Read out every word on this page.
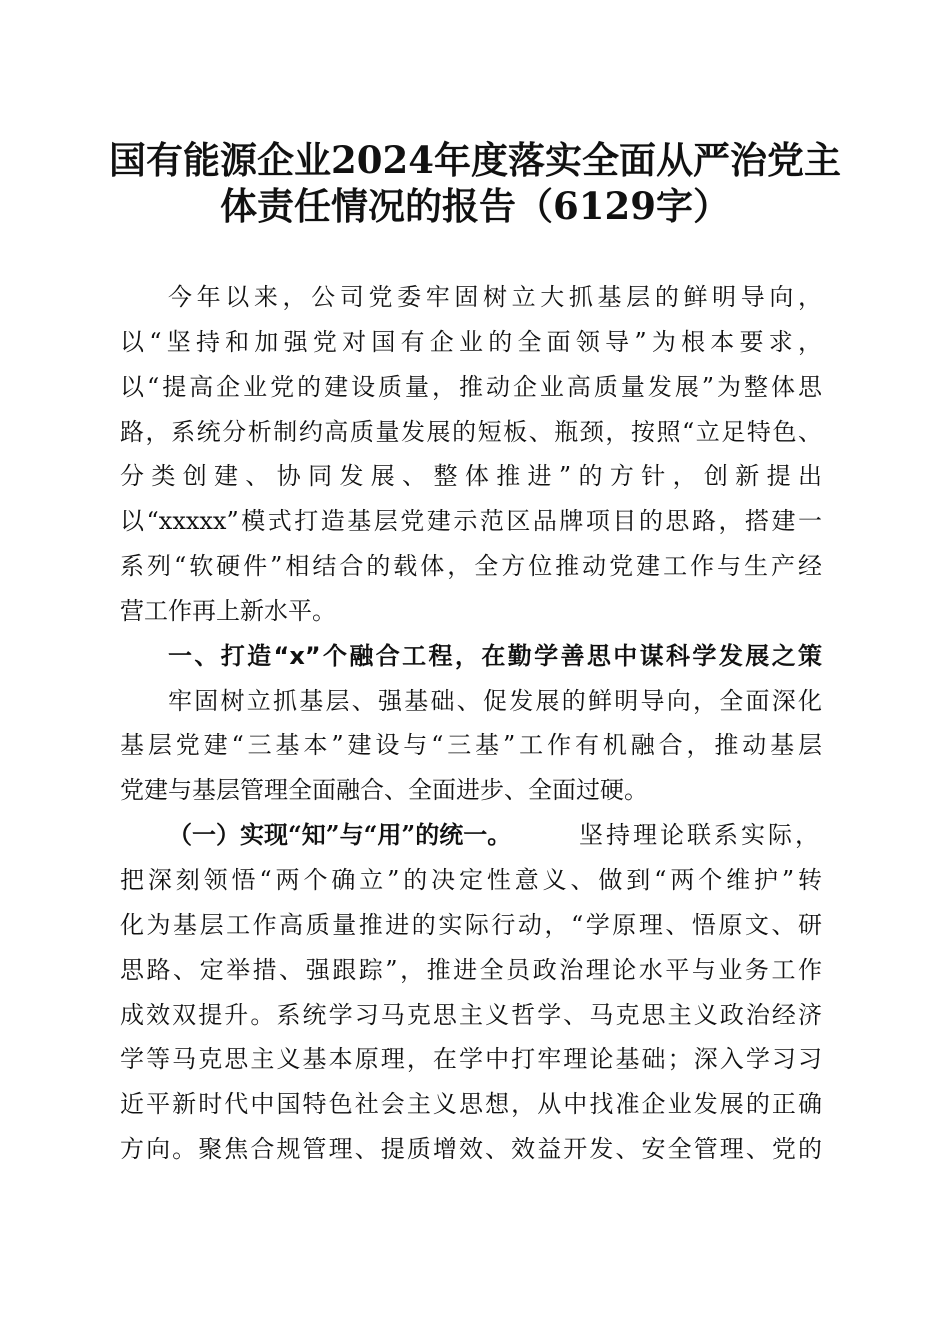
国有能源企业2024年度落实全面从严治党主
体责任情况的报告（6129字）
今年以来，公司党委牢固树立大抓基层的鲜明导向，
以“坚持和加强党对国有企业的全面领导”为根本要求，
以“提高企业党的建设质量，推动企业高质量发展”为整体思
路，系统分析制约高质量发展的短板、瓶颈，按照“立足特色、
分类创建、协同发展、整体推进”的方针，创新提出
以“xxxxx”模式打造基层党建示范区品牌项目的思路，搭建一
系列“软硬件”相结合的载体，全方位推动党建工作与生产经
营工作再上新水平。
一、打造“x”个融合工程，在勤学善思中谋科学发展之策
牢固树立抓基层、强基础、促发展的鲜明导向，全面深化
基层党建“三基本”建设与“三基”工作有机融合，推动基层
党建与基层管理全面融合、全面进步、全面过硬。
（一）实现“知”与“用”的统一。	坚持理论联系实际，
把深刻领悟“两个确立”的决定性意义、做到“两个维护”转
化为基层工作高质量推进的实际行动，“学原理、悟原文、研
思路、定举措、强跟踪”，推进全员政治理论水平与业务工作
成效双提升。系统学习马克思主义哲学、马克思主义政治经济
学等马克思主义基本原理，在学中打牢理论基础；深入学习习
近平新时代中国特色社会主义思想，从中找准企业发展的正确
方向。聚焦合规管理、提质增效、效益开发、安全管理、党的
